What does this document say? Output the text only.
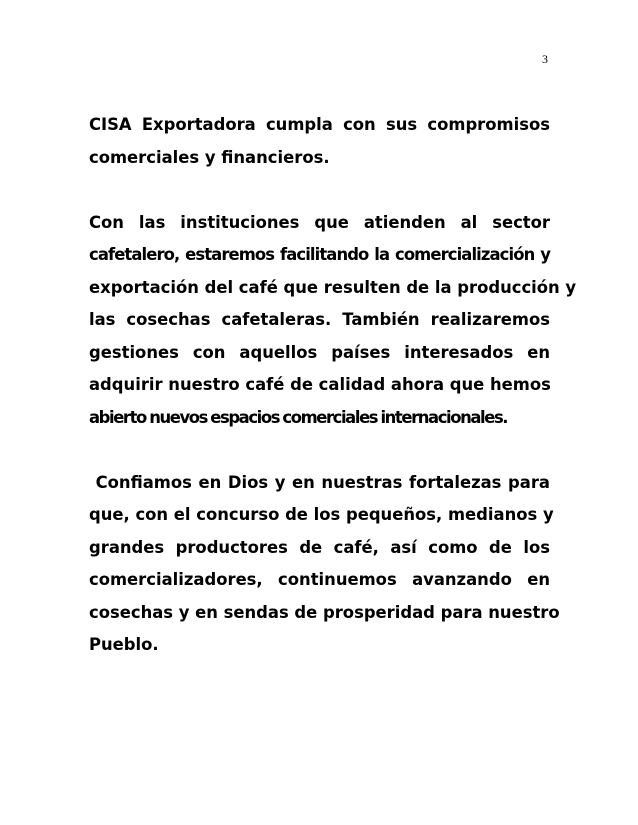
3
CISA Exportadora cumpla con sus compromisos
comerciales y financieros.
Con las instituciones que atienden al sector
cafetalero, estaremos facilitando la comercialización y
exportación del café que resulten de la producción y
las cosechas cafetaleras. También realizaremos
gestiones con aquellos países interesados en
adquirir nuestro café de calidad ahora que hemos
abierto nuevos espacios comerciales internacionales.
Confiamos en Dios y en nuestras fortalezas para
que, con el concurso de los pequeños, medianos y
grandes productores de café, así como de los
comercializadores, continuemos avanzando en
cosechas y en sendas de prosperidad para nuestro
Pueblo.
